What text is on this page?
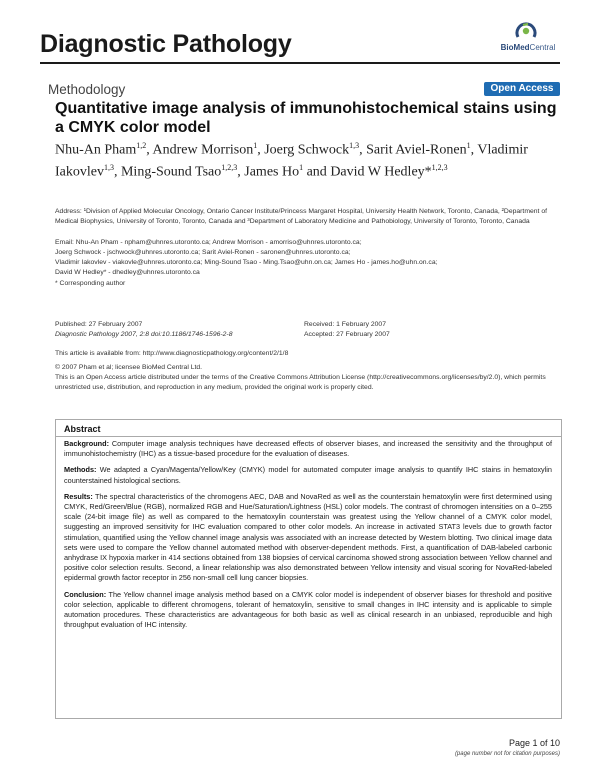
Diagnostic Pathology	BioMedCentral
Methodology	Open Access
Quantitative image analysis of immunohistochemical stains using a CMYK color model
Nhu-An Pham$^{1,2}$, Andrew Morrison$^1$, Joerg Schwock$^{1,3}$, Sarit Aviel-Ronen$^1$, Vladimir Iakovlev$^{1,3}$, Ming-Sound Tsao$^{1,2,3}$, James Ho$^1$ and David W Hedley*$^{1,2,3}$
Address: ¹Division of Applied Molecular Oncology, Ontario Cancer Institute/Princess Margaret Hospital, University Health Network, Toronto, Canada, ²Department of Medical Biophysics, University of Toronto, Toronto, Canada and ³Department of Laboratory Medicine and Pathobiology, University of Toronto, Toronto, Canada
Email: Nhu-An Pham - npham@uhnres.utoronto.ca; Andrew Morrison - amorriso@uhnres.utoronto.ca;
Joerg Schwock - jschwock@uhnres.utoronto.ca; Sarit Aviel-Ronen - saronen@uhnres.utoronto.ca;
Vladimir Iakovlev - viakovle@uhnres.utoronto.ca; Ming-Sound Tsao - Ming.Tsao@uhn.on.ca; James Ho - james.ho@uhn.on.ca;
David W Hedley* - dhedley@uhnres.utoronto.ca
* Corresponding author
Published: 27 February 2007
Diagnostic Pathology 2007, 2:8 doi:10.1186/1746-1596-2-8
Received: 1 February 2007
Accepted: 27 February 2007
This article is available from: http://www.diagnosticpathology.org/content/2/1/8
© 2007 Pham et al; licensee BioMed Central Ltd.
This is an Open Access article distributed under the terms of the Creative Commons Attribution License (http://creativecommons.org/licenses/by/2.0), which permits unrestricted use, distribution, and reproduction in any medium, provided the original work is properly cited.
Abstract

Background: Computer image analysis techniques have decreased effects of observer biases, and increased the sensitivity and the throughput of immunohistochemistry (IHC) as a tissue-based procedure for the evaluation of diseases.

Methods: We adapted a Cyan/Magenta/Yellow/Key (CMYK) model for automated computer image analysis to quantify IHC stains in hematoxylin counterstained histological sections.

Results: The spectral characteristics of the chromogens AEC, DAB and NovaRed as well as the counterstain hematoxylin were first determined using CMYK, Red/Green/Blue (RGB), normalized RGB and Hue/Saturation/Lightness (HSL) color models. The contrast of chromogen intensities on a 0–255 scale (24-bit image file) as well as compared to the hematoxylin counterstain was greatest using the Yellow channel of a CMYK color model, suggesting an improved sensitivity for IHC evaluation compared to other color models. An increase in activated STAT3 levels due to growth factor stimulation, quantified using the Yellow channel image analysis was associated with an increase detected by Western blotting. Two clinical image data sets were used to compare the Yellow channel automated method with observer-dependent methods. First, a quantification of DAB-labeled carbonic anhydrase IX hypoxia marker in 414 sections obtained from 138 biopsies of cervical carcinoma showed strong association between Yellow channel and positive color selection results. Second, a linear relationship was also demonstrated between Yellow intensity and visual scoring for NovaRed-labeled epidermal growth factor receptor in 256 non-small cell lung cancer biopsies.

Conclusion: The Yellow channel image analysis method based on a CMYK color model is independent of observer biases for threshold and positive color selection, applicable to different chromogens, tolerant of hematoxylin, sensitive to small changes in IHC intensity and is applicable to simple automation procedures. These characteristics are advantageous for both basic as well as clinical research in an unbiased, reproducible and high throughput evaluation of IHC intensity.

Page 1 of 10
(page number not for citation purposes)
